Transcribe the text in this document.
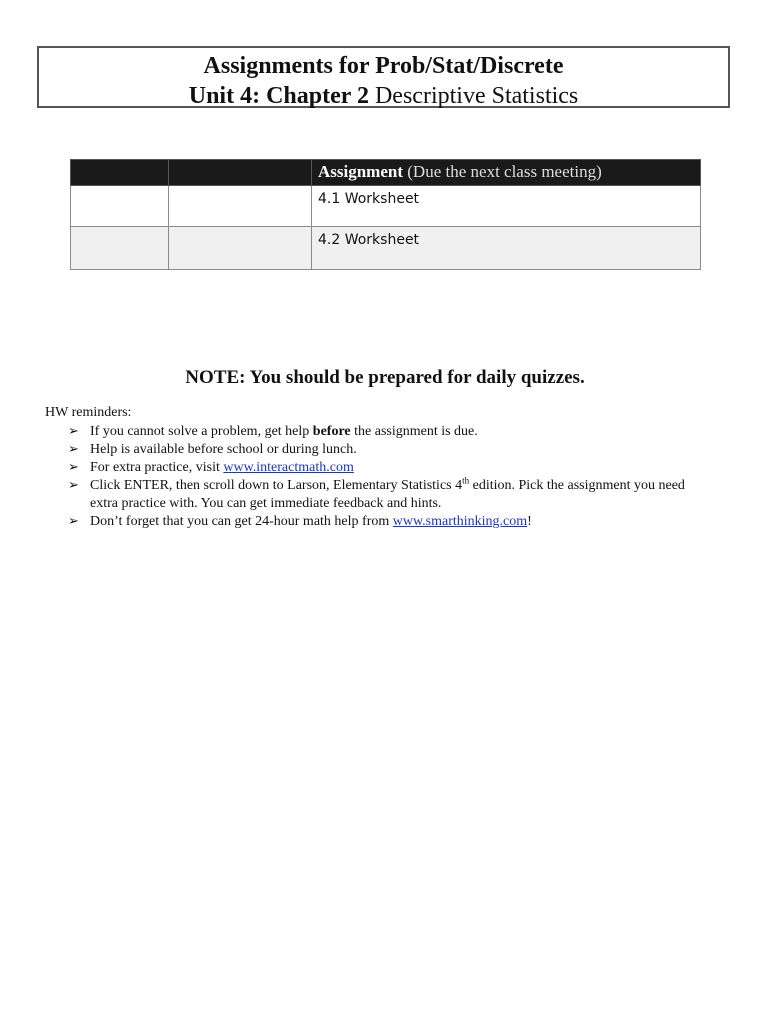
Assignments for Prob/Stat/Discrete
Unit 4: Chapter 2 Descriptive Statistics
		Assignment (Due the next class meeting)

		4.1 Worksheet

		4.2 Worksheet
NOTE: You should be prepared for daily quizzes.
HW reminders:
➢ If you cannot solve a problem, get help before the assignment is due.
➢ Help is available before school or during lunch.
➢ For extra practice, visit www.interactmath.com
➢ Click ENTER, then scroll down to Larson, Elementary Statistics 4th edition. Pick the assignment you need extra practice with. You can get immediate feedback and hints.
➢ Don’t forget that you can get 24-hour math help from www.smarthinking.com!
